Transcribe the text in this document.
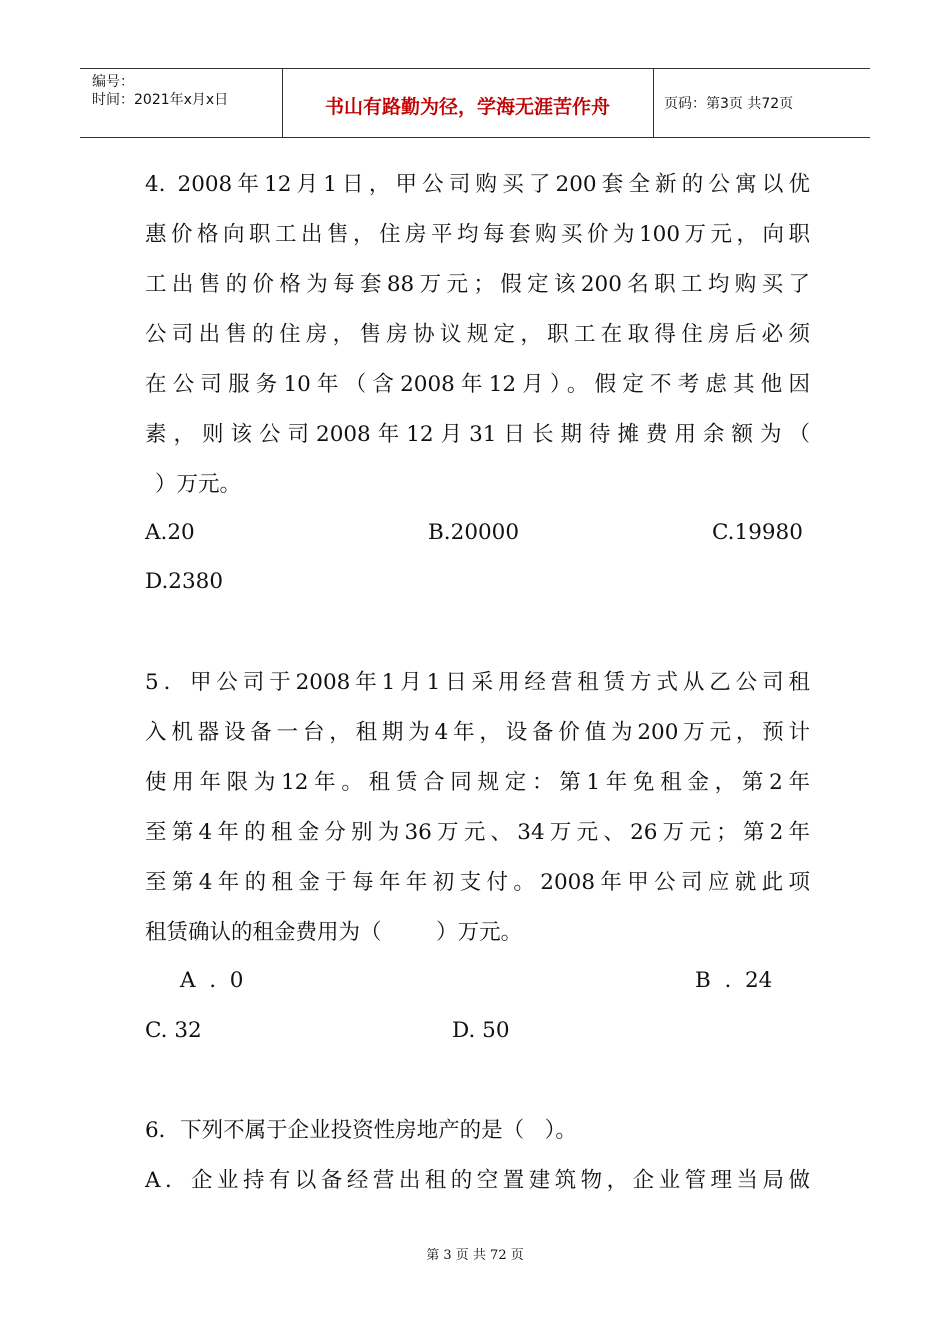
编号：
时间：2021年x月x日	书山有路勤为径，学海无涯苦作舟	页码：第3页 共72页
4. 2008年12月1日，甲公司购买了200套全新的公寓以优
惠价格向职工出售，住房平均每套购买价为100万元，向职
工出售的价格为每套88万元；假定该200名职工均购买了
公司出售的住房，售房协议规定，职工在取得住房后必须
在公司服务10年（含2008年12月）。假定不考虑其他因
素，则该公司2008年12月31日长期待摊费用余额为（
）万元。
A.20	B.20000	C.19980
D.2380
5．甲公司于2008年1月1日采用经营租赁方式从乙公司租
入机器设备一台，租期为4年，设备价值为200万元，预计
使用年限为12年。租赁合同规定：第1年免租金，第2年
至第4年的租金分别为36万元、34万元、26万元；第2年
至第4年的租金于每年年初支付。2008年甲公司应就此项
租赁确认的租金费用为（        ）万元。
A  .  0	B  .  24
C. 32	D. 50
6．下列不属于企业投资性房地产的是（   ）。
A．企业持有以备经营出租的空置建筑物，企业管理当局做
第 3 页 共 72 页
